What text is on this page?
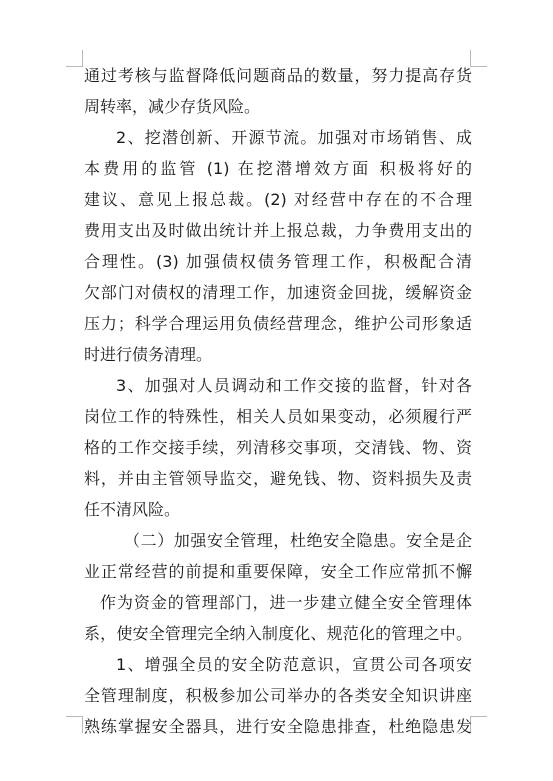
通过考核与监督降低问题商品的数量，努力提高存货
周转率，减少存货风险。
2、挖潜创新、开源节流。加强对市场销售、成
本费用的监管 (1) 在挖潜增效方面 积极将好的
建议、意见上报总裁。(2) 对经营中存在的不合理
费用支出及时做出统计并上报总裁，力争费用支出的
合理性。(3) 加强债权债务管理工作，积极配合清
欠部门对债权的清理工作，加速资金回拢，缓解资金
压力；科学合理运用负债经营理念，维护公司形象适
时进行债务清理。
3、加强对人员调动和工作交接的监督，针对各
岗位工作的特殊性，相关人员如果变动，必须履行严
格的工作交接手续，列清移交事项，交清钱、物、资
料，并由主管领导监交，避免钱、物、资料损失及责
任不清风险。
（二）加强安全管理，杜绝安全隐患。安全是企
业正常经营的前提和重要保障，安全工作应常抓不懈
作为资金的管理部门，进一步建立健全安全管理体
系，使安全管理完全纳入制度化、规范化的管理之中。
1、增强全员的安全防范意识，宣贯公司各项安
全管理制度，积极参加公司举办的各类安全知识讲座
熟练掌握安全器具，进行安全隐患排查，杜绝隐患发
